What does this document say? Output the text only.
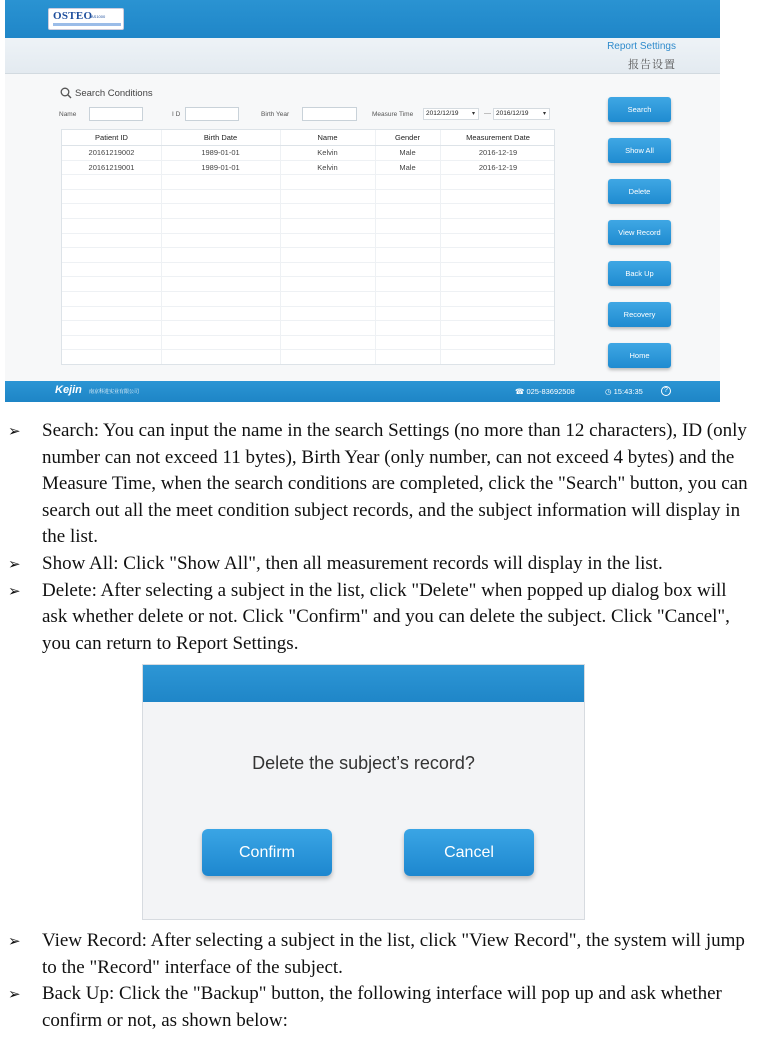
OSTEO
AS1000
Report Settings
报告设置
Search Conditions
Name	I D	Birth Year	Measure Time	2012/12/19 ▾ — 2016/12/19 ▾
Patient ID	Birth Date	Name	Gender	Measurement Date
20161219002	1989-01-01	Kelvin	Male	2016-12-19
20161219001	1989-01-01	Kelvin	Male	2016-12-19
Search
Show All
Delete
View Record
Back Up
Recovery
Home
Kejin 南京科进实业有限公司	☎ 025-83692508	◷ 15:43:35	?
➢ Search: You can input the name in the search Settings (no more than 12 characters), ID (only number can not exceed 11 bytes), Birth Year (only number, can not exceed 4 bytes) and the Measure Time, when the search conditions are completed, click the "Search" button, you can search out all the meet condition subject records, and the subject information will display in the list.
➢ Show All: Click "Show All", then all measurement records will display in the list.
➢ Delete: After selecting a subject in the list, click "Delete" when popped up dialog box will ask whether delete or not. Click "Confirm" and you can delete the subject. Click "Cancel", you can return to Report Settings.
Delete the subject’s record?
Confirm	Cancel
➢ View Record: After selecting a subject in the list, click "View Record", the system will jump to the "Record" interface of the subject.
➢ Back Up: Click the "Backup" button, the following interface will pop up and ask whether confirm or not, as shown below:
